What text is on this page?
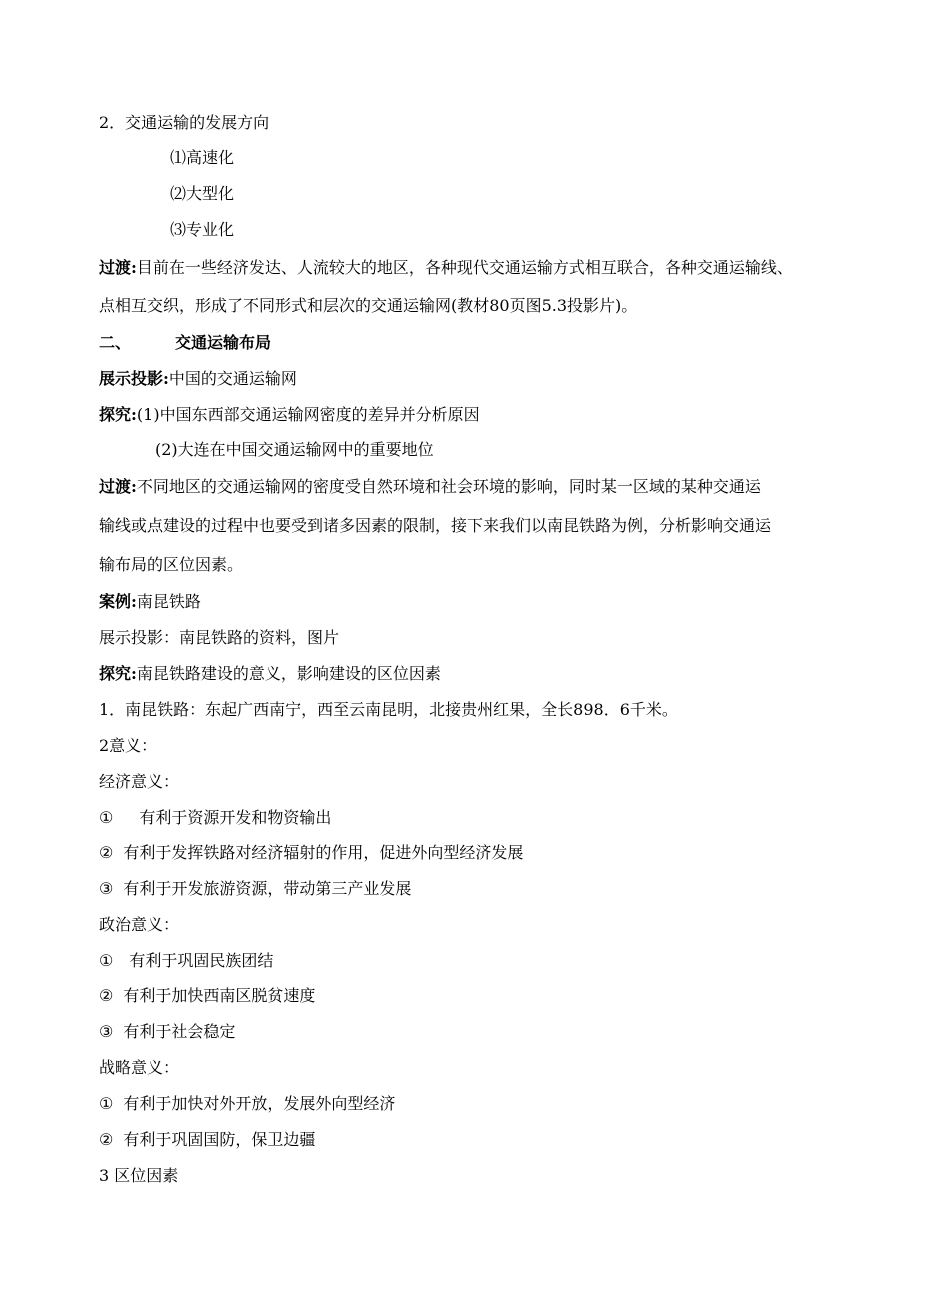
2．交通运输的发展方向
⑴高速化
⑵大型化
⑶专业化
过渡:目前在一些经济发达、人流较大的地区，各种现代交通运输方式相互联合，各种交通运输线、
点相互交织，形成了不同形式和层次的交通运输网(教材80页图5.3投影片)。
二、	交通运输布局
展示投影:中国的交通运输网
探究:(1)中国东西部交通运输网密度的差异并分析原因
(2)大连在中国交通运输网中的重要地位
过渡:不同地区的交通运输网的密度受自然环境和社会环境的影响，同时某一区域的某种交通运
输线或点建设的过程中也要受到诸多因素的限制，接下来我们以南昆铁路为例，分析影响交通运
输布局的区位因素。
案例:南昆铁路
展示投影：南昆铁路的资料，图片
探究:南昆铁路建设的意义，影响建设的区位因素
1．南昆铁路：东起广西南宁，西至云南昆明，北接贵州红果，全长898．6千米。
2意义：
经济意义：
① 有利于资源开发和物资输出
② 有利于发挥铁路对经济辐射的作用，促进外向型经济发展
③ 有利于开发旅游资源，带动第三产业发展
政治意义：
① 有利于巩固民族团结
② 有利于加快西南区脱贫速度
③ 有利于社会稳定
战略意义：
① 有利于加快对外开放，发展外向型经济
② 有利于巩固国防，保卫边疆
3 区位因素
